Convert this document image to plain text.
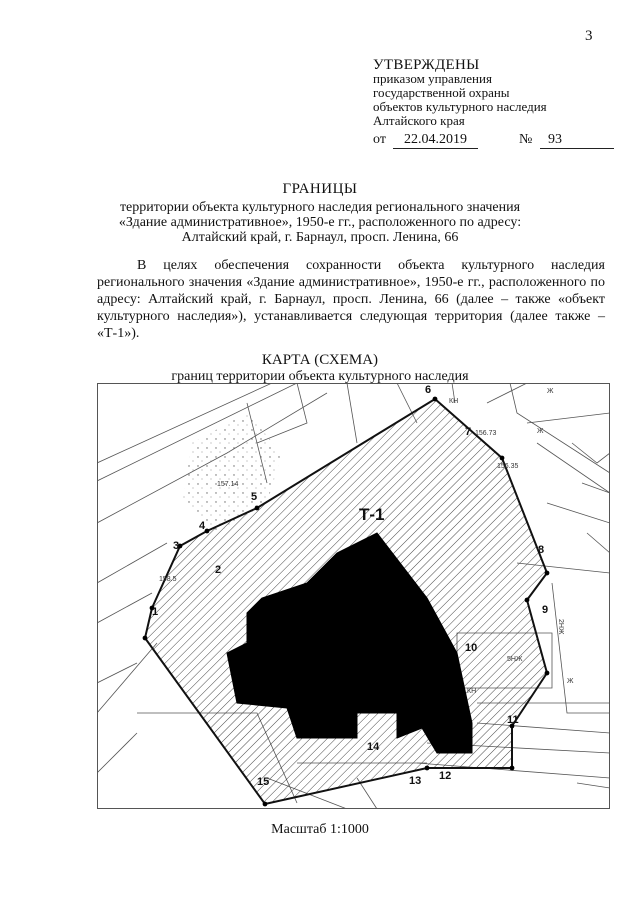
3
УТВЕРЖДЕНЫ
приказом управления
государственной охраны
объектов культурного наследия
Алтайского края
от 22.04.2019	№ 93
ГРАНИЦЫ
территории объекта культурного наследия регионального значения
«Здание административное», 1950-е гг., расположенного по адресу:
Алтайский край, г. Барнаул, просп. Ленина, 66
В целях обеспечения сохранности объекта культурного наследия регионального значения «Здание административное», 1950-е гг., расположенного по адресу: Алтайский край, г. Барнаул, просп. Ленина, 66 (далее – также «объект культурного наследия»), устанавливается следующая территория (далее также – «Т-1»).
КАРТА (СХЕМА)
границ территории объекта культурного наследия
Т-1
1
2
3
4
5
6
7
8
9
10
11
12
13
14
15
КН
КН
Ж
Ж
Ж
5НЖ
2НЖ
156.73
156.35
157.14
158.5
Масштаб 1:1000
